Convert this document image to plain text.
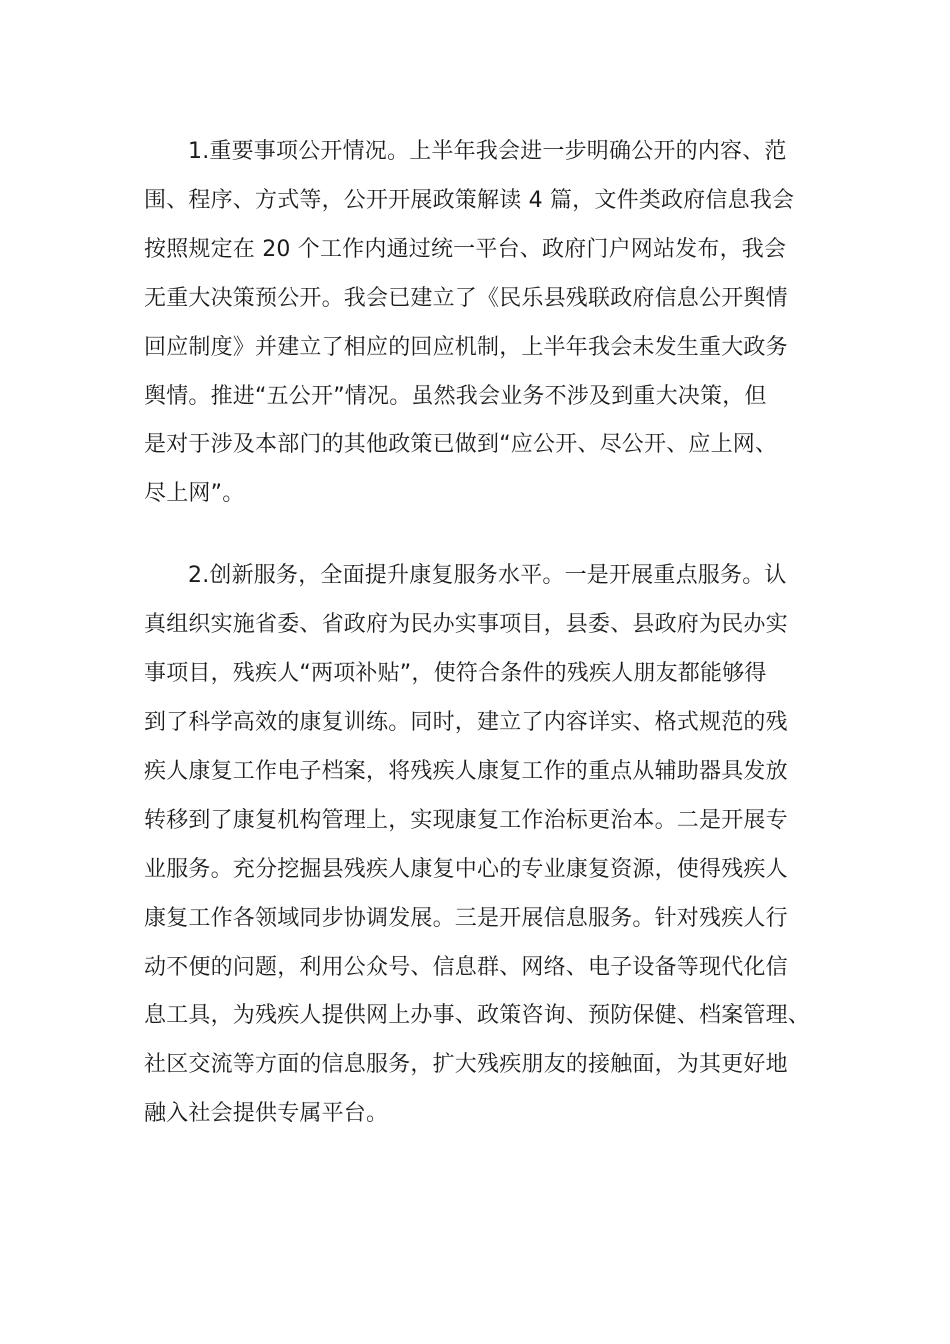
1.重要事项公开情况。上半年我会进一步明确公开的内容、范
围、程序、方式等，公开开展政策解读 4 篇，文件类政府信息我会
按照规定在 20 个工作内通过统一平台、政府门户网站发布，我会
无重大决策预公开。我会已建立了《民乐县残联政府信息公开舆情
回应制度》并建立了相应的回应机制，上半年我会未发生重大政务
舆情。推进“五公开”情况。虽然我会业务不涉及到重大决策，但
是对于涉及本部门的其他政策已做到“应公开、尽公开、应上网、
尽上网”。

2.创新服务，全面提升康复服务水平。一是开展重点服务。认
真组织实施省委、省政府为民办实事项目，县委、县政府为民办实
事项目，残疾人“两项补贴”，使符合条件的残疾人朋友都能够得
到了科学高效的康复训练。同时，建立了内容详实、格式规范的残
疾人康复工作电子档案，将残疾人康复工作的重点从辅助器具发放
转移到了康复机构管理上，实现康复工作治标更治本。二是开展专
业服务。充分挖掘县残疾人康复中心的专业康复资源，使得残疾人
康复工作各领域同步协调发展。三是开展信息服务。针对残疾人行
动不便的问题，利用公众号、信息群、网络、电子设备等现代化信
息工具，为残疾人提供网上办事、政策咨询、预防保健、档案管理、
社区交流等方面的信息服务，扩大残疾朋友的接触面，为其更好地
融入社会提供专属平台。
